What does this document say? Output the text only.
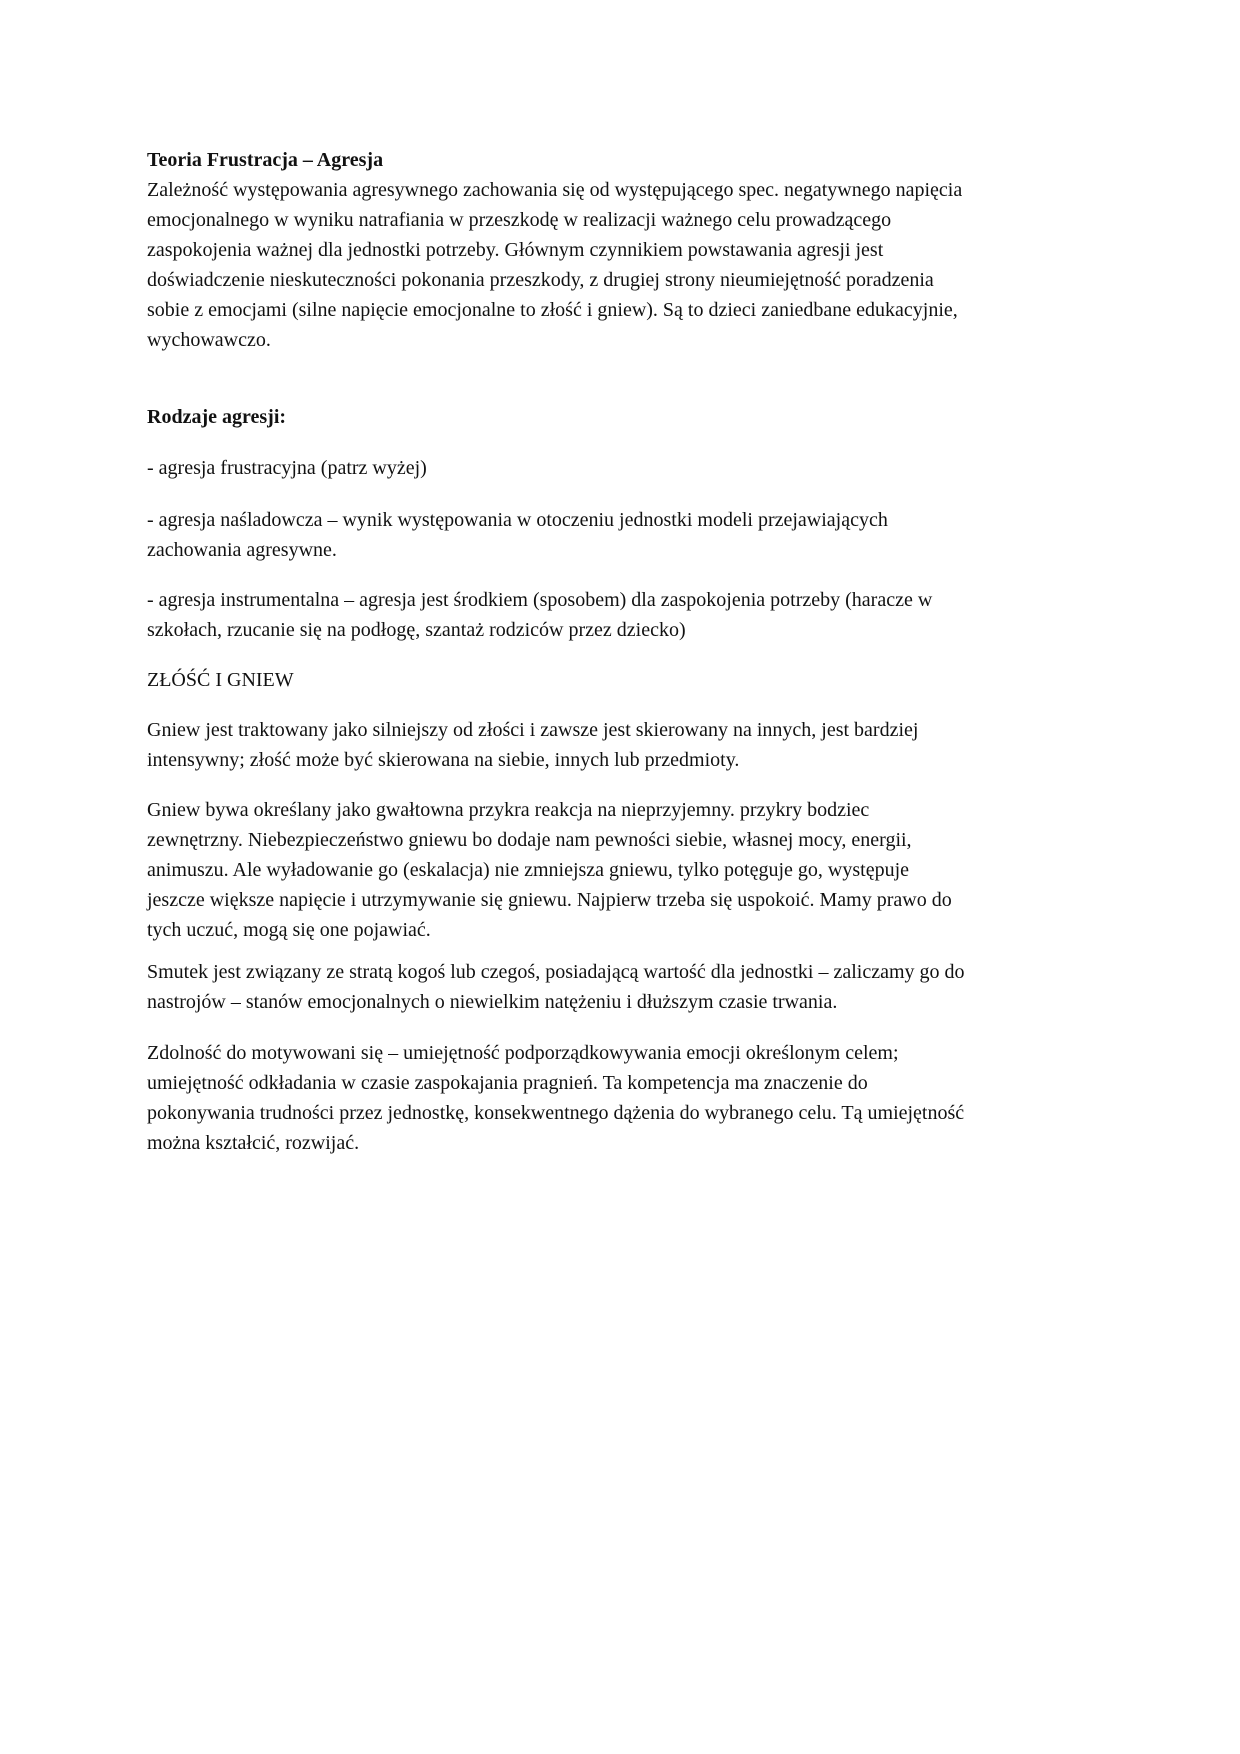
Teoria Frustracja – Agresja
Zależność występowania agresywnego zachowania się od występującego spec. negatywnego napięcia
emocjonalnego w wyniku natrafiania w przeszkodę w realizacji ważnego celu prowadzącego
zaspokojenia ważnej dla jednostki potrzeby. Głównym czynnikiem powstawania agresji jest
doświadczenie nieskuteczności pokonania przeszkody, z drugiej strony nieumiejętność poradzenia
sobie z emocjami (silne napięcie emocjonalne to złość i gniew). Są to dzieci zaniedbane edukacyjnie,
wychowawczo.
Rodzaje agresji:
- agresja frustracyjna (patrz wyżej)
- agresja naśladowcza – wynik występowania w otoczeniu jednostki modeli przejawiających
zachowania agresywne.
- agresja instrumentalna – agresja jest środkiem (sposobem) dla zaspokojenia potrzeby (haracze w
szkołach, rzucanie się na podłogę, szantaż rodziców przez dziecko)
ZŁÓŚĆ I GNIEW
Gniew jest traktowany jako silniejszy od złości i zawsze jest skierowany na innych, jest bardziej
intensywny; złość może być skierowana na siebie, innych lub przedmioty.
Gniew bywa określany jako gwałtowna przykra reakcja na nieprzyjemny. przykry bodziec
zewnętrzny. Niebezpieczeństwo gniewu bo dodaje nam pewności siebie, własnej mocy, energii,
animuszu. Ale wyładowanie go (eskalacja) nie zmniejsza gniewu, tylko potęguje go, występuje
jeszcze większe napięcie i utrzymywanie się gniewu. Najpierw trzeba się uspokoić. Mamy prawo do
tych uczuć, mogą się one pojawiać.
Smutek jest związany ze stratą kogoś lub czegoś, posiadającą wartość dla jednostki – zaliczamy go do
nastrojów – stanów emocjonalnych o niewielkim natężeniu i dłuższym czasie trwania.
Zdolność do motywowani się – umiejętność podporządkowywania emocji określonym celem;
umiejętność odkładania w czasie zaspokajania pragnień. Ta kompetencja ma znaczenie do
pokonywania trudności przez jednostkę, konsekwentnego dążenia do wybranego celu. Tą umiejętność
można kształcić, rozwijać.
